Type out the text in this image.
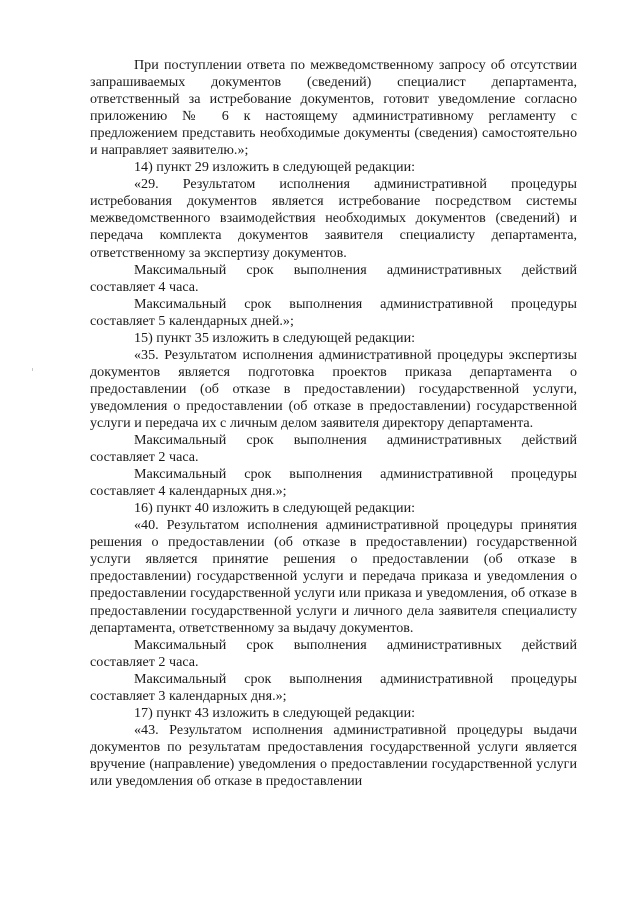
При поступлении ответа по межведомственному запросу об отсутствии запрашиваемых документов (сведений) специалист департамента, ответственный за истребование документов, готовит уведомление согласно приложению № 6 к настоящему административному регламенту с предложением представить необходимые документы (сведения) самостоятельно и направляет заявителю.»;

14) пункт 29 изложить в следующей редакции:

«29. Результатом исполнения административной процедуры истребования документов является истребование посредством системы межведомственного взаимодействия необходимых документов (сведений) и передача комплекта документов заявителя специалисту департамента, ответственному за экспертизу документов.

Максимальный срок выполнения административных действий составляет 4 часа.

Максимальный срок выполнения административной процедуры составляет 5 календарных дней.»;

15) пункт 35 изложить в следующей редакции:

«35. Результатом исполнения административной процедуры экспертизы документов является подготовка проектов приказа департамента о предоставлении (об отказе в предоставлении) государственной услуги, уведомления о предоставлении (об отказе в предоставлении) государственной услуги и передача их с личным делом заявителя директору департамента.

Максимальный срок выполнения административных действий составляет 2 часа.

Максимальный срок выполнения административной процедуры составляет 4 календарных дня.»;

16) пункт 40 изложить в следующей редакции:

«40. Результатом исполнения административной процедуры принятия решения о предоставлении (об отказе в предоставлении) государственной услуги является принятие решения о предоставлении (об отказе в предоставлении) государственной услуги и передача приказа и уведомления о предоставлении государственной услуги или приказа и уведомления, об отказе в предоставлении государственной услуги и личного дела заявителя специалисту департамента, ответственному за выдачу документов.

Максимальный срок выполнения административных действий составляет 2 часа.

Максимальный срок выполнения административной процедуры составляет 3 календарных дня.»;

17) пункт 43 изложить в следующей редакции:

«43. Результатом исполнения административной процедуры выдачи документов по результатам предоставления государственной услуги является вручение (направление) уведомления о предоставлении государственной услуги или уведомления об отказе в предоставлении
